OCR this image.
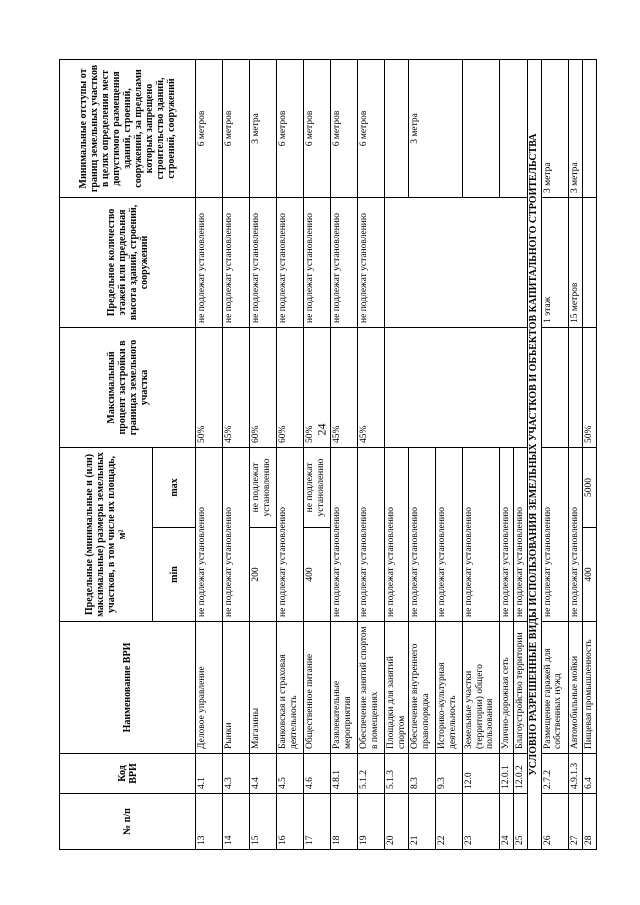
24
№ п/п	Код ВРИ	Наименование ВРИ	Предельные (минимальные и (или) максимальные) размеры земельных участков, в том числе их площадь, м²		Максимальный процент застройки в границах земельного участка	Предельное количество этажей или предельная высота зданий, строений, сооружений	Минимальные отступы от границ земельных участков в целях определения мест допустимого размещения зданий, строений, сооружений, за пределами которых запрещено строительство зданий, строений, сооружений
			min	max			
13	4.1	Деловое управление	не подлежат установлению		50%	не подлежат установлению	6 метров
14	4.3	Рынки	не подлежат установлению		45%	не подлежат установлению	6 метров
15	4.4	Магазины	200	не подлежат установлению	60%	не подлежат установлению	3 метра
16	4.5	Банковская и страховая деятельность	не подлежат установлению		60%	не подлежат установлению	6 метров
17	4.6	Общественное питание	400	не подлежат установлению	50%	не подлежат установлению	6 метров
18	4.8.1	Развлекательные мероприятия	не подлежат установлению		45%	не подлежат установлению	6 метров
19	5.1.2	Обеспечение занятий спортом в помещениях	не подлежат установлению		45%	не подлежат установлению	6 метров
20	5.1.3	Площадки для занятий спортом	не подлежат установлению				
21	8.3	Обеспечение внутреннего правопорядка	не подлежат установлению				3 метра
22	9.3	Историко-культурная деятельность	не подлежат установлению				
23	12.0	Земельные участки (территории) общего пользования	не подлежат установлению				
24	12.0.1	Улично-дорожная сеть	не подлежат установлению				
25	12.0.2	Благоустройство территории	не подлежат установлению				
УСЛОВНО РАЗРЕШЕННЫЕ ВИДЫ ИСПОЛЬЗОВАНИЯ ЗЕМЕЛЬНЫХ УЧАСТКОВ И ОБЪЕКТОВ КАПИТАЛЬНОГО СТРОИТЕЛЬСТВА							
26	2.7.2	Размещение гаражей для собственных нужд	не подлежат установлению			1 этаж	3 метра
27	4.9.1.3	Автомобильные мойки	не подлежат установлению			15 метров	3 метра
28	6.4	Пищевая промышленность	400	5000	50%		
